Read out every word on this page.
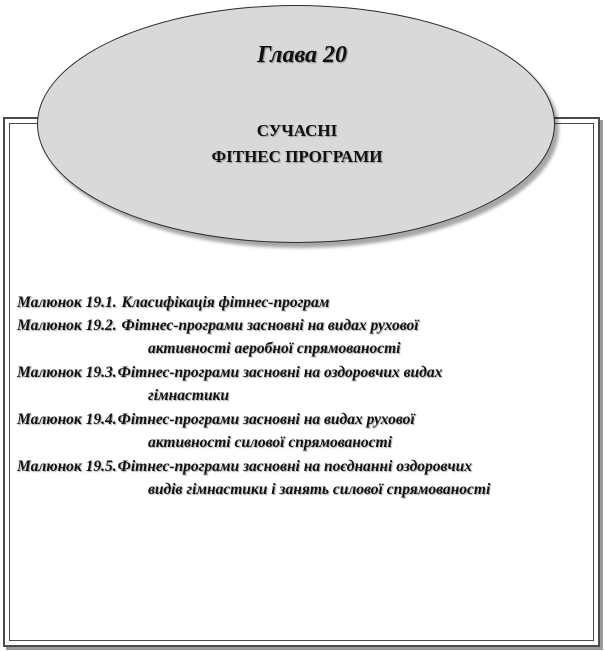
Глава 20
СУЧАСНІ
ФІТНЕС ПРОГРАМИ
Малюнок 19.1. Класифікація фітнес-програм
Малюнок 19.2. Фітнес-програми засновні на видах рухової
активності аеробної спрямованості
Малюнок 19.3.Фітнес-програми засновні на оздоровчих видах
гімнастики
Малюнок 19.4.Фітнес-програми засновні на видах рухової
активності силової спрямованості
Малюнок 19.5.Фітнес-програми засновні на поєднанні оздоровчих
видів гімнастики і занять силової спрямованості
